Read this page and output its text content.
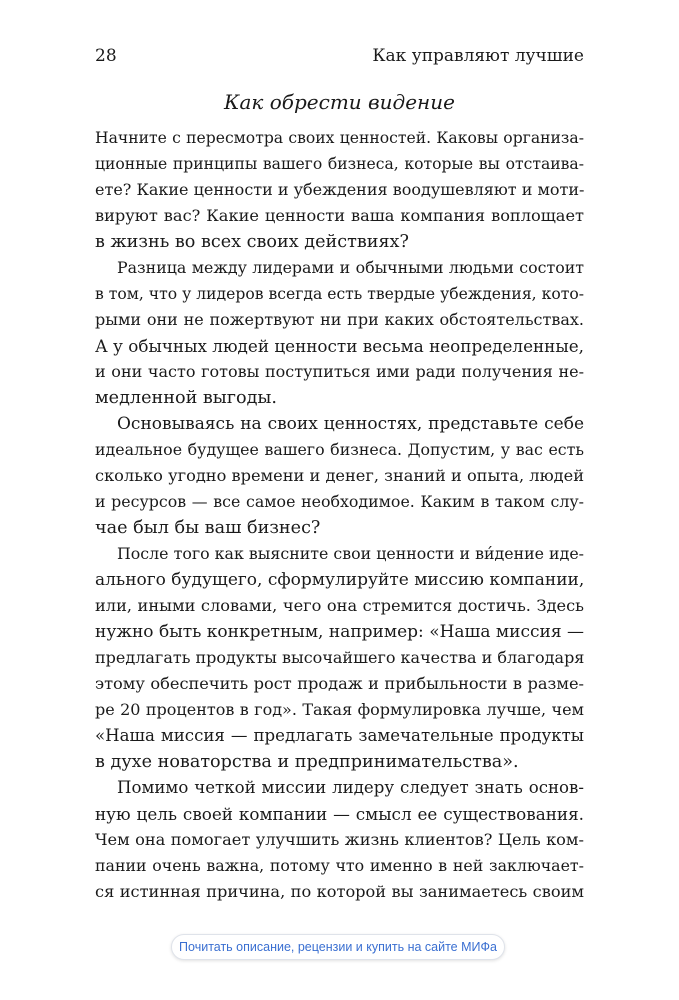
28	Как управляют лучшие
Как обрести видение
Начните с пересмотра своих ценностей. Каковы организа-
ционные принципы вашего бизнеса, которые вы отстаива-
ете? Какие ценности и убеждения воодушевляют и моти-
вируют вас? Какие ценности ваша компания воплощает
в жизнь во всех своих действиях?
Разница между лидерами и обычными людьми состоит
в том, что у лидеров всегда есть твердые убеждения, кото-
рыми они не пожертвуют ни при каких обстоятельствах.
А у обычных людей ценности весьма неопределенные,
и они часто готовы поступиться ими ради получения не-
медленной выгоды.
Основываясь на своих ценностях, представьте себе
идеальное будущее вашего бизнеса. Допустим, у вас есть
сколько угодно времени и денег, знаний и опыта, людей
и ресурсов — все самое необходимое. Каким в таком слу-
чае был бы ваш бизнес?
После того как выясните свои ценности и ви́дение иде-
ального будущего, сформулируйте миссию компании,
или, иными словами, чего она стремится достичь. Здесь
нужно быть конкретным, например: «Наша миссия —
предлагать продукты высочайшего качества и благодаря
этому обеспечить рост продаж и прибыльности в разме-
ре 20 процентов в год». Такая формулировка лучше, чем
«Наша миссия — предлагать замечательные продукты
в духе новаторства и предпринимательства».
Помимо четкой миссии лидеру следует знать основ-
ную цель своей компании — смысл ее существования.
Чем она помогает улучшить жизнь клиентов? Цель ком-
пании очень важна, потому что именно в ней заключает-
ся истинная причина, по которой вы занимаетесь своим
Почитать описание, рецензии и купить на сайте МИФа
